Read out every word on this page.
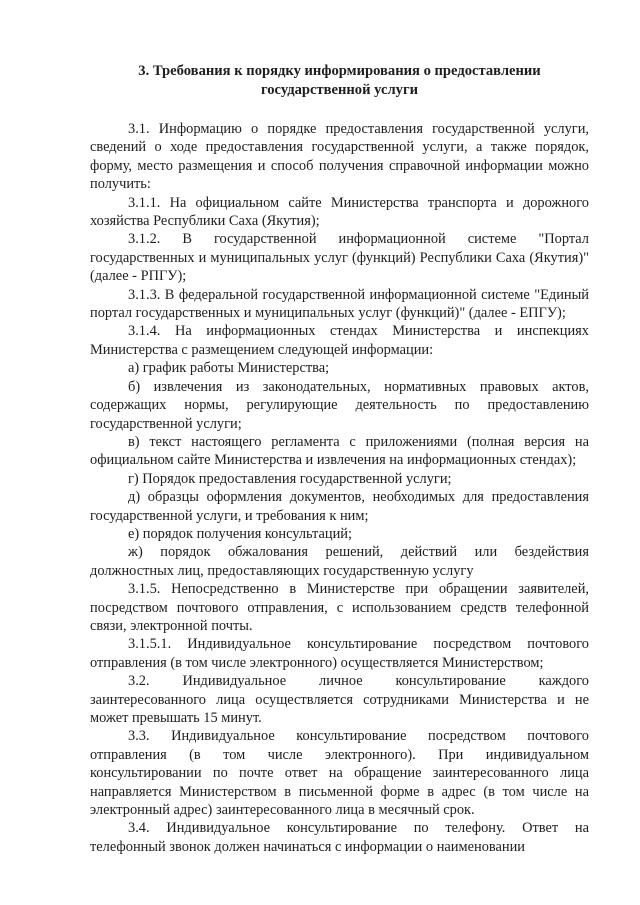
3. Требования к порядку информирования о предоставлении
государственной услуги

3.1. Информацию о порядке предоставления государственной услуги, сведений о ходе предоставления государственной услуги, а также порядок, форму, место размещения и способ получения справочной информации можно получить:

3.1.1. На официальном сайте Министерства транспорта и дорожного хозяйства Республики Саха (Якутия);

3.1.2. В государственной информационной системе "Портал государственных и муниципальных услуг (функций) Республики Саха (Якутия)" (далее - РПГУ);

3.1.3. В федеральной государственной информационной системе "Единый портал государственных и муниципальных услуг (функций)" (далее - ЕПГУ);

3.1.4. На информационных стендах Министерства и инспекциях Министерства с размещением следующей информации:

а) график работы Министерства;

б) извлечения из законодательных, нормативных правовых актов, содержащих нормы, регулирующие деятельность по предоставлению государственной услуги;

в) текст настоящего регламента с приложениями (полная версия на официальном сайте Министерства и извлечения на информационных стендах);

г) Порядок предоставления государственной услуги;

д) образцы оформления документов, необходимых для предоставления государственной услуги, и требования к ним;

е) порядок получения консультаций;

ж) порядок обжалования решений, действий или бездействия должностных лиц, предоставляющих государственную услугу

3.1.5. Непосредственно в Министерстве при обращении заявителей, посредством почтового отправления, с использованием средств телефонной связи, электронной почты.

3.1.5.1. Индивидуальное консультирование посредством почтового отправления (в том числе электронного) осуществляется Министерством;

3.2. Индивидуальное личное консультирование каждого заинтересованного лица осуществляется сотрудниками Министерства и не может превышать 15 минут.

3.3. Индивидуальное консультирование посредством почтового отправления (в том числе электронного). При индивидуальном консультировании по почте ответ на обращение заинтересованного лица направляется Министерством в письменной форме в адрес (в том числе на электронный адрес) заинтересованного лица в месячный срок.

3.4. Индивидуальное консультирование по телефону. Ответ на телефонный звонок должен начинаться с информации о наименовании
